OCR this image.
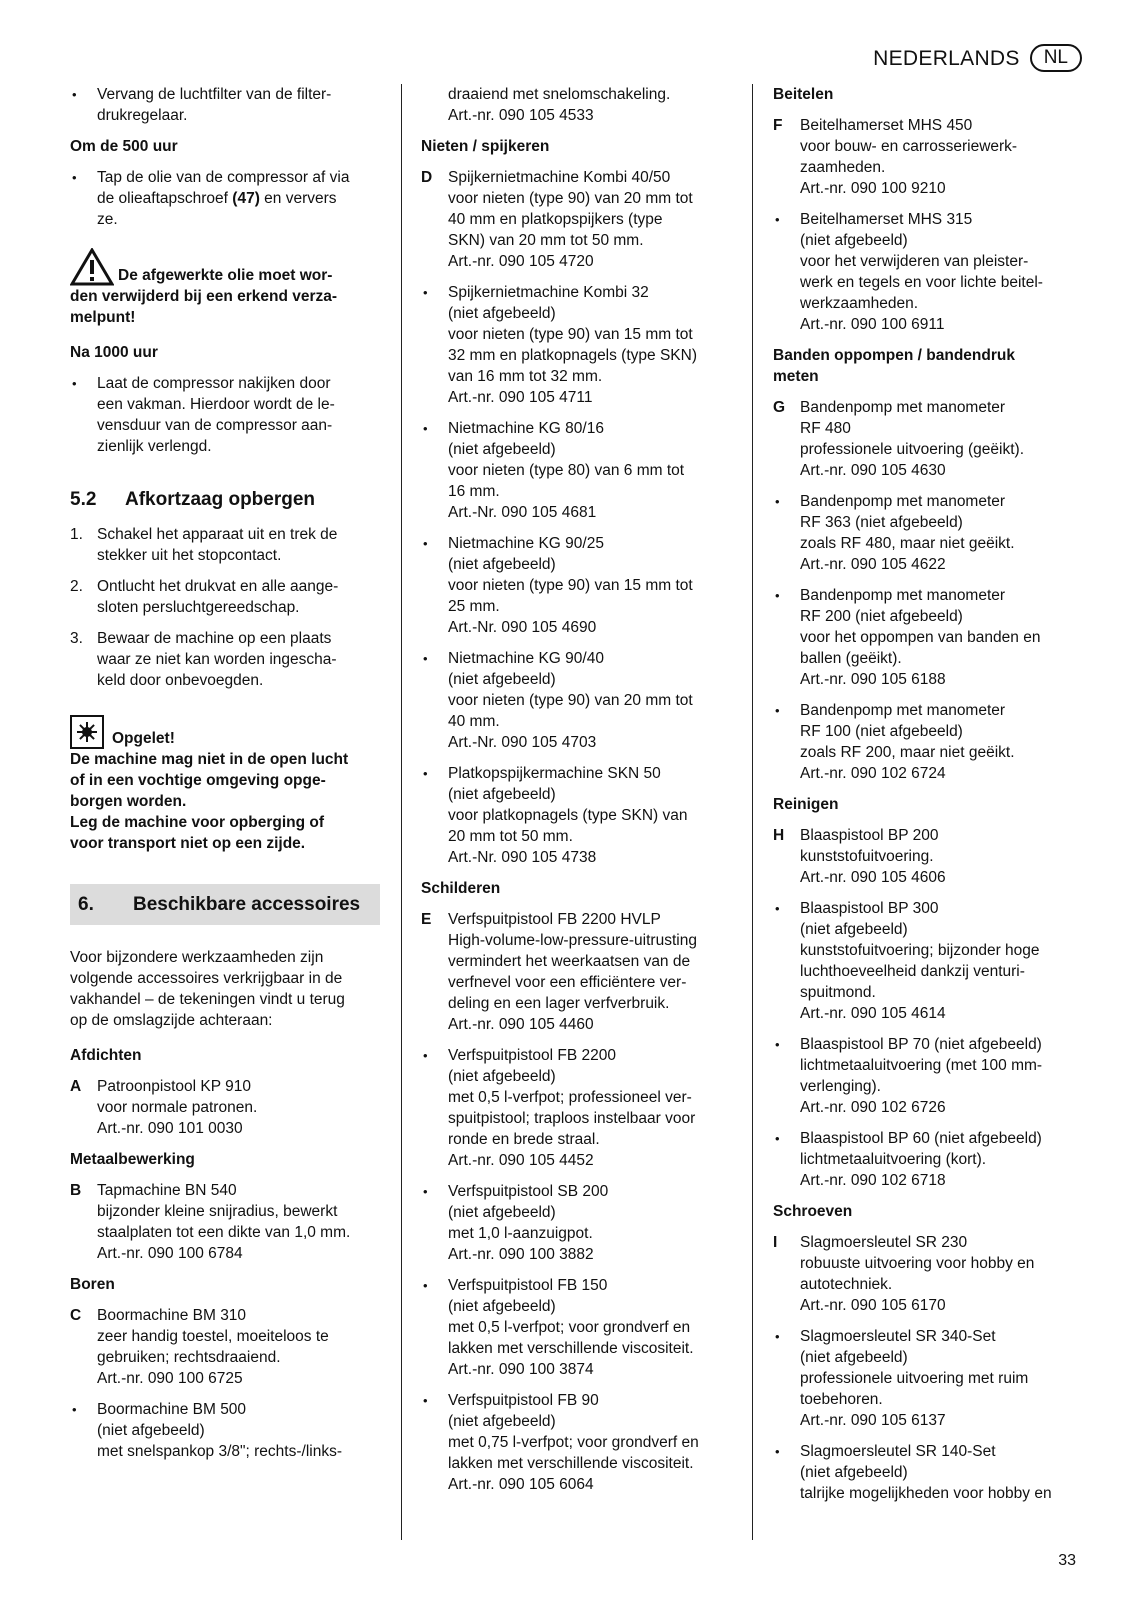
NEDERLANDS	NL
•	Vervang de luchtfilter van de filter-
drukregelaar.
Om de 500 uur
•	Tap de olie van de compressor af via
de olieaftapschroef (47) en ververs
ze.
De afgewerkte olie moet wor-
den verwijderd bij een erkend verza-
melpunt!
Na 1000 uur
•	Laat de compressor nakijken door
een vakman. Hierdoor wordt de le-
vensduur van de compressor aan-
zienlijk verlengd.
5.2	Afkortzaag opbergen
1. Schakel het apparaat uit en trek de
stekker uit het stopcontact.
2. Ontlucht het drukvat en alle aange-
sloten persluchtgereedschap.
3. Bewaar de machine op een plaats
waar ze niet kan worden ingescha-
keld door onbevoegden.
Opgelet!

De machine mag niet in de open lucht
of in een vochtige omgeving opge-
borgen worden.
Leg de machine voor opberging of
voor transport niet op een zijde.
6.	Beschikbare accessoires

Voor bijzondere werkzaamheden zijn
volgende accessoires verkrijgbaar in de
vakhandel – de tekeningen vindt u terug
op de omslagzijde achteraan:

Afdichten
A	Patroonpistool KP 910
voor normale patronen.
Art.-nr. 090 101 0030
Metaalbewerking
B	Tapmachine BN 540
bijzonder kleine snijradius, bewerkt
staalplaten tot een dikte van 1,0 mm.
Art.-nr. 090 100 6784
Boren
C	Boormachine BM 310
zeer handig toestel, moeiteloos te
gebruiken; rechtsdraaiend.
Art.-nr. 090 100 6725
•	Boormachine BM 500
(niet afgebeeld)
met snelspankop 3/8"; rechts-/links-
draaiend met snelomschakeling.
Art.-nr. 090 105 4533
Nieten / spijkeren
D	Spijkernietmachine Kombi 40/50
voor nieten (type 90) van 20 mm tot
40 mm en platkopspijkers (type
SKN) van 20 mm tot 50 mm.
Art.-nr. 090 105 4720
•	Spijkernietmachine Kombi 32
(niet afgebeeld)
voor nieten (type 90) van 15 mm tot
32 mm en platkopnagels (type SKN)
van 16 mm tot 32 mm.
Art.-nr. 090 105 4711
•	Nietmachine KG 80/16
(niet afgebeeld)
voor nieten (type 80) van 6 mm tot
16 mm.
Art.-Nr. 090 105 4681
•	Nietmachine KG 90/25
(niet afgebeeld)
voor nieten (type 90) van 15 mm tot
25 mm.
Art.-Nr. 090 105 4690
•	Nietmachine KG 90/40
(niet afgebeeld)
voor nieten (type 90) van 20 mm tot
40 mm.
Art.-Nr. 090 105 4703
•	Platkopspijkermachine SKN 50
(niet afgebeeld)
voor platkopnagels (type SKN) van
20 mm tot 50 mm.
Art.-Nr. 090 105 4738
Schilderen
E	Verfspuitpistool FB 2200 HVLP
High-volume-low-pressure-uitrusting
vermindert het weerkaatsen van de
verfnevel voor een efficiëntere ver-
deling en een lager verfverbruik.
Art.-nr. 090 105 4460
•	Verfspuitpistool FB 2200
(niet afgebeeld)
met 0,5 l-verfpot; professioneel ver-
spuitpistool; traploos instelbaar voor
ronde en brede straal.
Art.-nr. 090 105 4452
•	Verfspuitpistool SB 200
(niet afgebeeld)
met 1,0 l-aanzuigpot.
Art.-nr. 090 100 3882
•	Verfspuitpistool FB 150
(niet afgebeeld)
met 0,5 l-verfpot; voor grondverf en
lakken met verschillende viscositeit.
Art.-nr. 090 100 3874
•	Verfspuitpistool FB 90
(niet afgebeeld)
met 0,75 l-verfpot; voor grondverf en
lakken met verschillende viscositeit.
Art.-nr. 090 105 6064
Beitelen
F	Beitelhamerset MHS 450
voor bouw- en carrosseriewerk-
zaamheden.
Art.-nr. 090 100 9210
•	Beitelhamerset MHS 315
(niet afgebeeld)
voor het verwijderen van pleister-
werk en tegels en voor lichte beitel-
werkzaamheden.
Art.-nr. 090 100 6911
Banden oppompen / bandendruk
meten
G Bandenpomp met manometer
RF 480
professionele uitvoering (geëikt).
Art.-nr. 090 105 4630
•	Bandenpomp met manometer
RF 363 (niet afgebeeld)
zoals RF 480, maar niet geëikt.
Art.-nr. 090 105 4622
•	Bandenpomp met manometer
RF 200 (niet afgebeeld)
voor het oppompen van banden en
ballen (geëikt).
Art.-nr. 090 105 6188
•	Bandenpomp met manometer
RF 100 (niet afgebeeld)
zoals RF 200, maar niet geëikt.
Art.-nr. 090 102 6724
Reinigen
H	Blaaspistool BP 200
kunststofuitvoering.
Art.-nr. 090 105 4606
•	Blaaspistool BP 300
(niet afgebeeld)
kunststofuitvoering; bijzonder hoge
luchthoeveelheid dankzij venturi-
spuitmond.
Art.-nr. 090 105 4614
•	Blaaspistool BP 70 (niet afgebeeld)
lichtmetaaluitvoering (met 100 mm-
verlenging).
Art.-nr. 090 102 6726
•	Blaaspistool BP 60 (niet afgebeeld)
lichtmetaaluitvoering (kort).
Art.-nr. 090 102 6718
Schroeven
I	Slagmoersleutel SR 230
robuuste uitvoering voor hobby en
autotechniek.
Art.-nr. 090 105 6170
•	Slagmoersleutel SR 340-Set
(niet afgebeeld)
professionele uitvoering met ruim
toebehoren.
Art.-nr. 090 105 6137
•	Slagmoersleutel SR 140-Set
(niet afgebeeld)
talrijke mogelijkheden voor hobby en
33
